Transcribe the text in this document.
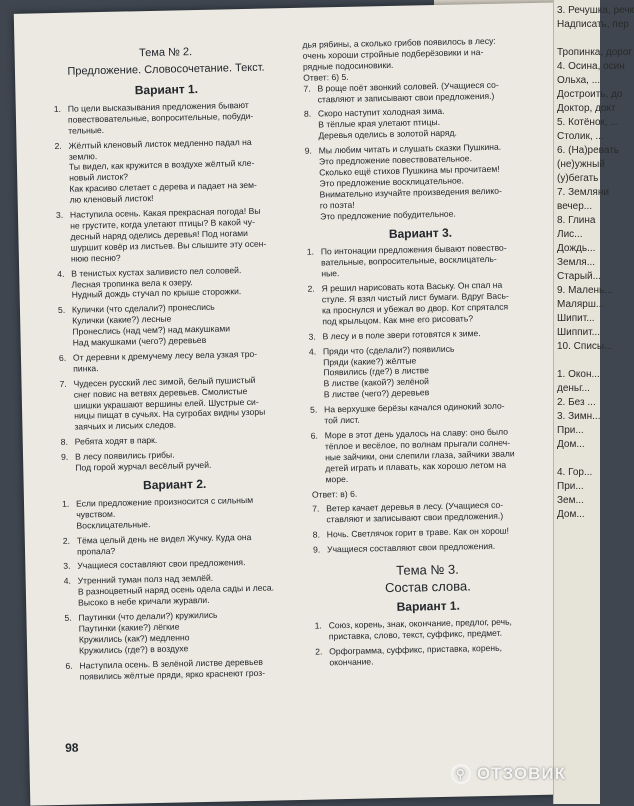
Тема № 2.
Предложение. Словосочетание. Текст.
Вариант 1.
1. По цели высказывания предложения бывают
повествовательные, вопросительные, побуди-
тельные.
2. Жёлтый кленовый листок медленно падал на
землю.
Ты видел, как кружится в воздухе жёлтый кле-
новый листок?
Как красиво слетает с дерева и падает на зем-
лю кленовый листок!
3. Наступила осень. Какая прекрасная погода! Вы
не грустите, когда улетают птицы? В какой чу-
десный наряд оделись деревья! Под ногами
шуршит ковёр из листьев. Вы слышите эту осен-
нюю песню?
4. В тенистых кустах заливисто пел соловей.
Лесная тропинка вела к озеру.
Нудный дождь стучал по крыше сторожки.
5. Кулички (что сделали?) пронеслись
Кулички (какие?) лесные
Пронеслись (над чем?) над макушками
Над макушками (чего?) деревьев
6. От деревни к дремучему лесу вела узкая тро-
пинка.
7. Чудесен русский лес зимой, белый пушистый
снег повис на ветвях деревьев. Смолистые
шишки украшают вершины елей. Шустрые си-
ницы пищат в сучьях. На сугробах видны узоры
заячьих и лисьих следов.
8. Ребята ходят в парк.
9. В лесу появились грибы.
Под горой журчал весёлый ручей.
Вариант 2.
1. Если предложение произносится с сильным
чувством.
Восклицательные.
2. Тёма целый день не видел Жучку. Куда она
пропала?
3. Учащиеся составляют свои предложения.
4. Утренний туман полз над землёй.
В разноцветный наряд осень одела сады и леса.
Высоко в небе кричали журавли.
5. Паутинки (что делали?) кружились
Паутинки (какие?) лёгкие
Кружились (как?) медленно
Кружились (где?) в воздухе
6. Наступила осень. В зелёной листве деревьев
появились жёлтые пряди, ярко краснеют гроз-
дья рябины, а сколько грибов появилось в лесу:
очень хороши стройные подберёзовики и на-
рядные подосиновики.
Ответ: 6) 5.
7. В роще поёт звонкий соловей. (Учащиеся со-
ставляют и записывают свои предложения.)
8. Скоро наступит холодная зима.
В тёплые края улетают птицы.
Деревья оделись в золотой наряд.
9. Мы любим читать и слушать сказки Пушкина.
Это предложение повествовательное.
Сколько ещё стихов Пушкина мы прочитаем!
Это предложение восклицательное.
Внимательно изучайте произведения велико-
го поэта!
Это предложение побудительное.
Вариант 3.
1. По интонации предложения бывают повество-
вательные, вопросительные, восклицатель-
ные.
2. Я решил нарисовать кота Ваську. Он спал на
стуле. Я взял чистый лист бумаги. Вдруг Вась-
ка проснулся и убежал во двор. Кот спрятался
под крыльцом. Как мне его рисовать?
3. В лесу и в поле звери готовятся к зиме.
4. Пряди что (сделали?) появились
Пряди (какие?) жёлтые
Появились (где?) в листве
В листве (какой?) зелёной
В листве (чего?) деревьев
5. На верхушке берёзы качался одинокий золо-
той лист.
6. Море в этот день удалось на славу: оно было
тёплое и весёлое, по волнам прыгали солнеч-
ные зайчики, они слепили глаза, зайчики звали
детей играть и плавать, как хорошо летом на
море.
Ответ: в) 6.
7. Ветер качает деревья в лесу. (Учащиеся со-
ставляют и записывают свои предложения.)
8. Ночь. Светлячок горит в траве. Как он хорош!
9. Учащиеся составляют свои предложения.
Тема № 3.
Состав слова.
Вариант 1.
1. Союз, корень, знак, окончание, предлог, речь,
приставка, слово, текст, суффикс, предмет.
2. Орфограмма, суффикс, приставка, корень,
окончание.
98
3. Речушка, речк
Надписать, пер

Тропинка, дорог
4. Осина, осин
Ольха, ...
Достроить, до
Доктор, докт
5. Котёнок, ...
Столик, ...
6. (На)ревать
(не)ужный
(у)бегать
7. Земляни
вечер...
8. Глина
Лис...
Дождь...
Земля...
Старый...
9. Малень...
Малярш...
Шипит...
Шиппит...
10. Списы...

1. Окон...
деньг...
2. Без ...
3. Зимн...
При...
Дом...

4. Гор...
При...
Зем...
Дом...
⚲ ОТЗОВИК
